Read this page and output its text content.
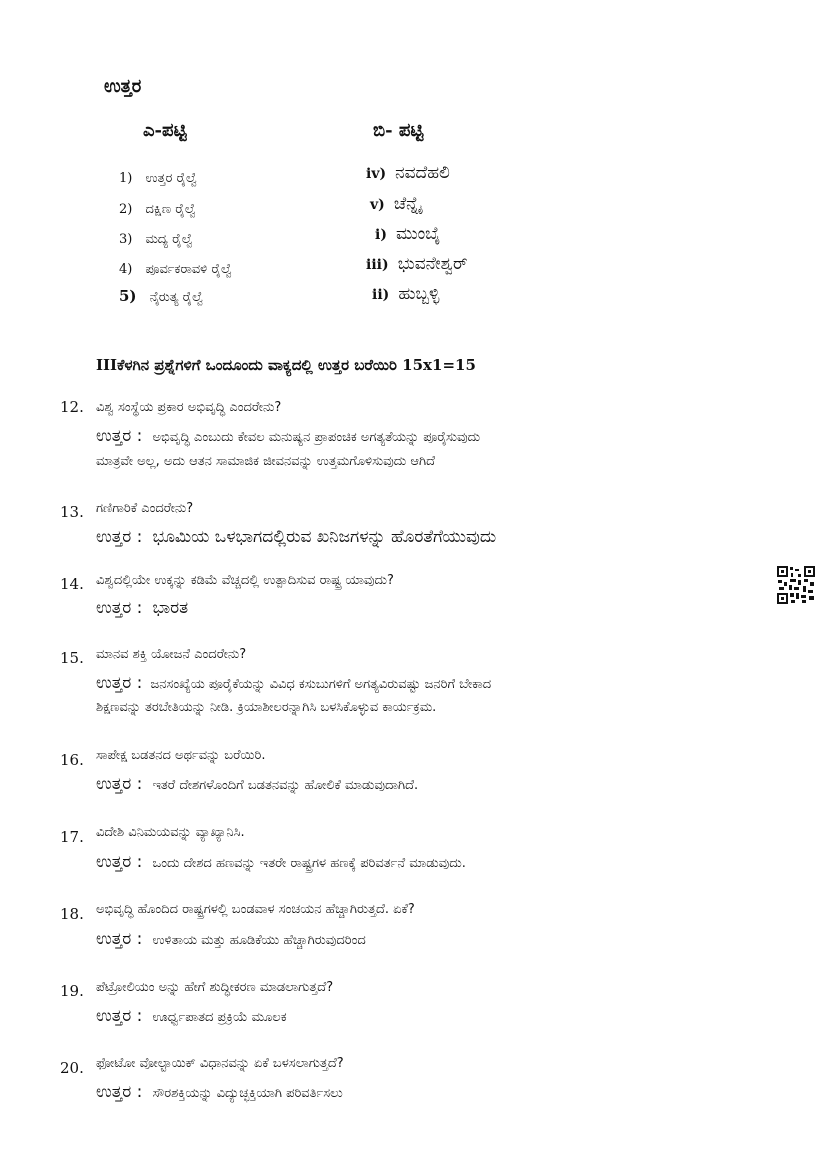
ಉತ್ತರ
ಎ-ಪಟ್ಟಿ	ಬಿ- ಪಟ್ಟಿ
1) ಉತ್ತರ ರೈಲ್ವೆ	iv) ನವದೆಹಲಿ
2) ದಕ್ಷಿಣ ರೈಲ್ವೆ	v) ಚೆನ್ನೈ
3) ಮದ್ಯ ರೈಲ್ವೆ	i) ಮುಂಬೈ
4) ಪೂರ್ವಕರಾವಳಿ ರೈಲ್ವೆ	iii) ಭುವನೇಶ್ವರ್
5) ನೈರುತ್ಯ ರೈಲ್ವೆ	ii) ಹುಬ್ಬಳ್ಳಿ
IIIಕೆಳಗಿನ ಪ್ರಶ್ನೆಗಳಿಗೆ ಒಂದೂಂದು ವಾಕ್ಯದಲ್ಲಿ ಉತ್ತರ ಬರೆಯಿರಿ 15x1=15
12. ವಿಶ್ವ ಸಂಸ್ಥೆಯ ಪ್ರಕಾರ ಅಭಿವೃದ್ಧಿ ಎಂದರೇನು?
ಉತ್ತರ : ಅಭಿವೃದ್ಧಿ ಎಂಬುದು ಕೇವಲ ಮನುಷ್ಯನ ಪ್ರಾಪಂಚಿಕ ಅಗತ್ಯತೆಯನ್ನು ಪೂರೈಸುವುದು
ಮಾತ್ರವೇ ಅಲ್ಲ, ಅದು ಆತನ ಸಾಮಾಜಿಕ ಜೀವನವನ್ನು ಉತ್ತಮಗೊಳಿಸುವುದು ಆಗಿದೆ
13. ಗಣಿಗಾರಿಕೆ ಎಂದರೇನು?
ಉತ್ತರ : ಭೂಮಿಯ ಒಳಭಾಗದಲ್ಲಿರುವ ಖನಿಜಗಳನ್ನು ಹೊರತೆಗೆಯುವುದು
14. ವಿಶ್ವದಲ್ಲಿಯೇ ಉಕ್ಕನ್ನು ಕಡಿಮೆ ವೆಚ್ಚದಲ್ಲಿ ಉತ್ಪಾದಿಸುವ ರಾಷ್ಟ್ರ ಯಾವುದು?
ಉತ್ತರ : ಭಾರತ
15. ಮಾನವ ಶಕ್ತಿ ಯೋಜನೆ ಎಂದರೇನು?
ಉತ್ತರ : ಜನಸಂಖ್ಯೆಯ ಪೂರೈಕೆಯನ್ನು ವಿವಿಧ ಕಸುಬುಗಳಿಗೆ ಅಗತ್ಯವಿರುವಷ್ಟು ಜನರಿಗೆ ಬೇಕಾದ
ಶಿಕ್ಷಣವನ್ನು ತರಬೇತಿಯನ್ನು ನೀಡಿ. ಕ್ರಿಯಾಶೀಲರನ್ನಾಗಿಸಿ ಬಳಸಿಕೊಳ್ಳುವ ಕಾರ್ಯಕ್ರಮ.
16. ಸಾಪೇಕ್ಷ ಬಡತನದ ಅರ್ಥವನ್ನು ಬರೆಯಿರಿ.
ಉತ್ತರ : ಇತರೆ ದೇಶಗಳೊಂದಿಗೆ ಬಡತನವನ್ನು ಹೋಲಿಕೆ ಮಾಡುವುದಾಗಿದೆ.
17. ವಿದೇಶಿ ವಿನಿಮಯವನ್ನು ವ್ಯಾಖ್ಯಾನಿಸಿ.
ಉತ್ತರ : ಒಂದು ದೇಶದ ಹಣವನ್ನು ಇತರೇ ರಾಷ್ಟ್ರಗಳ ಹಣಕ್ಕೆ ಪರಿವರ್ತನೆ ಮಾಡುವುದು.
18. ಅಭಿವೃದ್ಧಿ ಹೊಂದಿದ ರಾಷ್ಟ್ರಗಳಲ್ಲಿ ಬಂಡವಾಳ ಸಂಚಯನ ಹೆಚ್ಚಾಗಿರುತ್ತದೆ. ಏಕೆ?
ಉತ್ತರ : ಉಳಿತಾಯ ಮತ್ತು ಹೂಡಿಕೆಯು ಹೆಚ್ಚಾಗಿರುವುದರಿಂದ
19. ಪೆಟ್ರೋಲಿಯಂ ಅನ್ನು ಹೇಗೆ ಶುದ್ಧೀಕರಣ ಮಾಡಲಾಗುತ್ತದೆ?
ಉತ್ತರ : ಊರ್ಧ್ವಪಾತದ ಪ್ರಕ್ರಿಯೆ ಮೂಲಕ
20. ಫೋಟೋ ವೋಲ್ಟಾಯಿಕ್ ವಿಧಾನವನ್ನು ಏಕೆ ಬಳಸಲಾಗುತ್ತದೆ?
ಉತ್ತರ : ಸೌರಶಕ್ತಿಯನ್ನು ವಿದ್ಯುಚ್ಛಕ್ತಿಯಾಗಿ ಪರಿವರ್ತಿಸಲು
